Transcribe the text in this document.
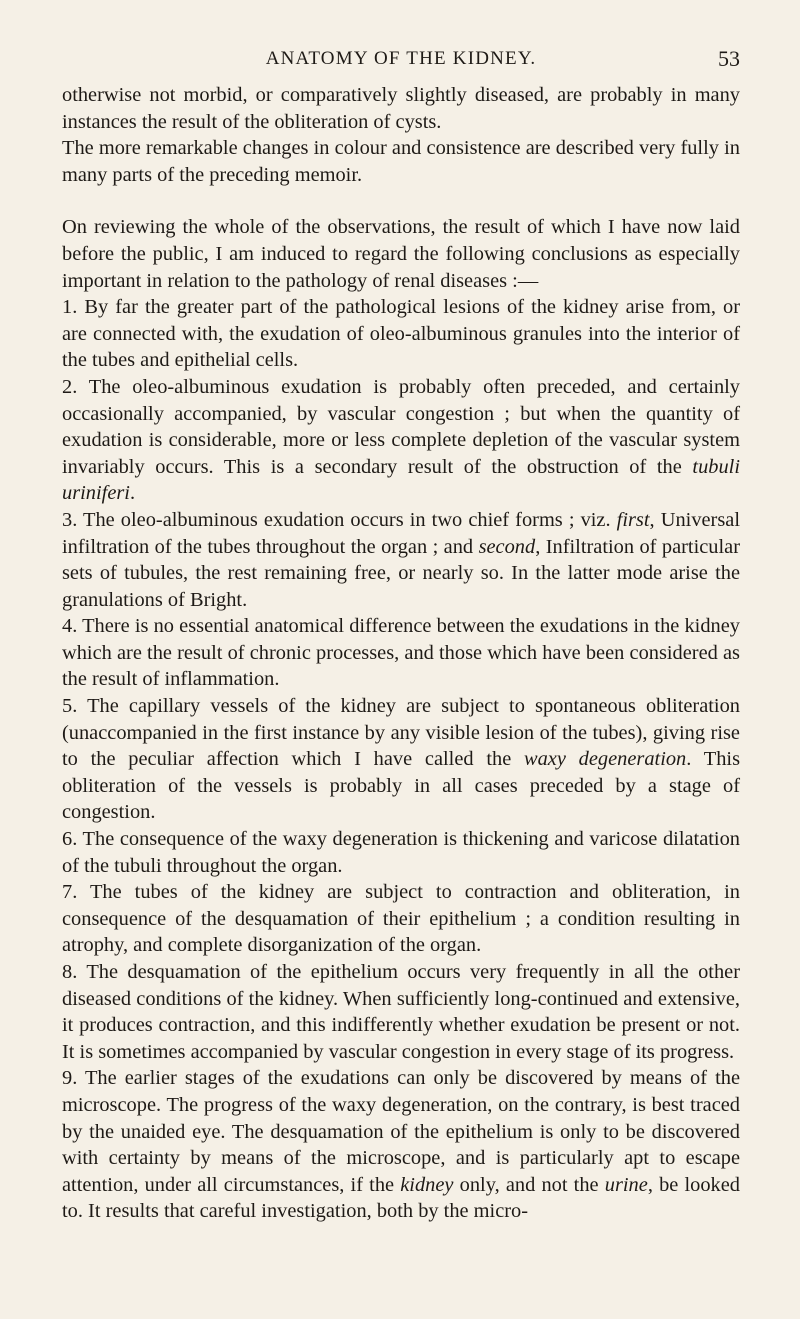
ANATOMY OF THE KIDNEY.	53

otherwise not morbid, or comparatively slightly diseased, are probably in many instances the result of the obliteration of cysts.

The more remarkable changes in colour and consistence are described very fully in many parts of the preceding memoir.

On reviewing the whole of the observations, the result of which I have now laid before the public, I am induced to regard the following conclusions as especially important in relation to the pathology of renal diseases :—

1. By far the greater part of the pathological lesions of the kidney arise from, or are connected with, the exudation of oleo-albuminous granules into the interior of the tubes and epithelial cells.

2. The oleo-albuminous exudation is probably often preceded, and certainly occasionally accompanied, by vascular congestion ; but when the quantity of exudation is considerable, more or less complete depletion of the vascular system invariably occurs. This is a secondary result of the obstruction of the tubuli uriniferi.

3. The oleo-albuminous exudation occurs in two chief forms ; viz. first, Universal infiltration of the tubes throughout the organ ; and second, Infiltration of particular sets of tubules, the rest remaining free, or nearly so. In the latter mode arise the granulations of Bright.

4. There is no essential anatomical difference between the exudations in the kidney which are the result of chronic processes, and those which have been considered as the result of inflammation.

5. The capillary vessels of the kidney are subject to spontaneous obliteration (unaccompanied in the first instance by any visible lesion of the tubes), giving rise to the peculiar affection which I have called the waxy degeneration. This obliteration of the vessels is probably in all cases preceded by a stage of congestion.

6. The consequence of the waxy degeneration is thickening and varicose dilatation of the tubuli throughout the organ.

7. The tubes of the kidney are subject to contraction and obliteration, in consequence of the desquamation of their epithelium ; a condition resulting in atrophy, and complete disorganization of the organ.

8. The desquamation of the epithelium occurs very frequently in all the other diseased conditions of the kidney. When sufficiently long-continued and extensive, it produces contraction, and this indifferently whether exudation be present or not. It is sometimes accompanied by vascular congestion in every stage of its progress.

9. The earlier stages of the exudations can only be discovered by means of the microscope. The progress of the waxy degeneration, on the contrary, is best traced by the unaided eye. The desquamation of the epithelium is only to be discovered with certainty by means of the microscope, and is particularly apt to escape attention, under all circumstances, if the kidney only, and not the urine, be looked to. It results that careful investigation, both by the micro-
